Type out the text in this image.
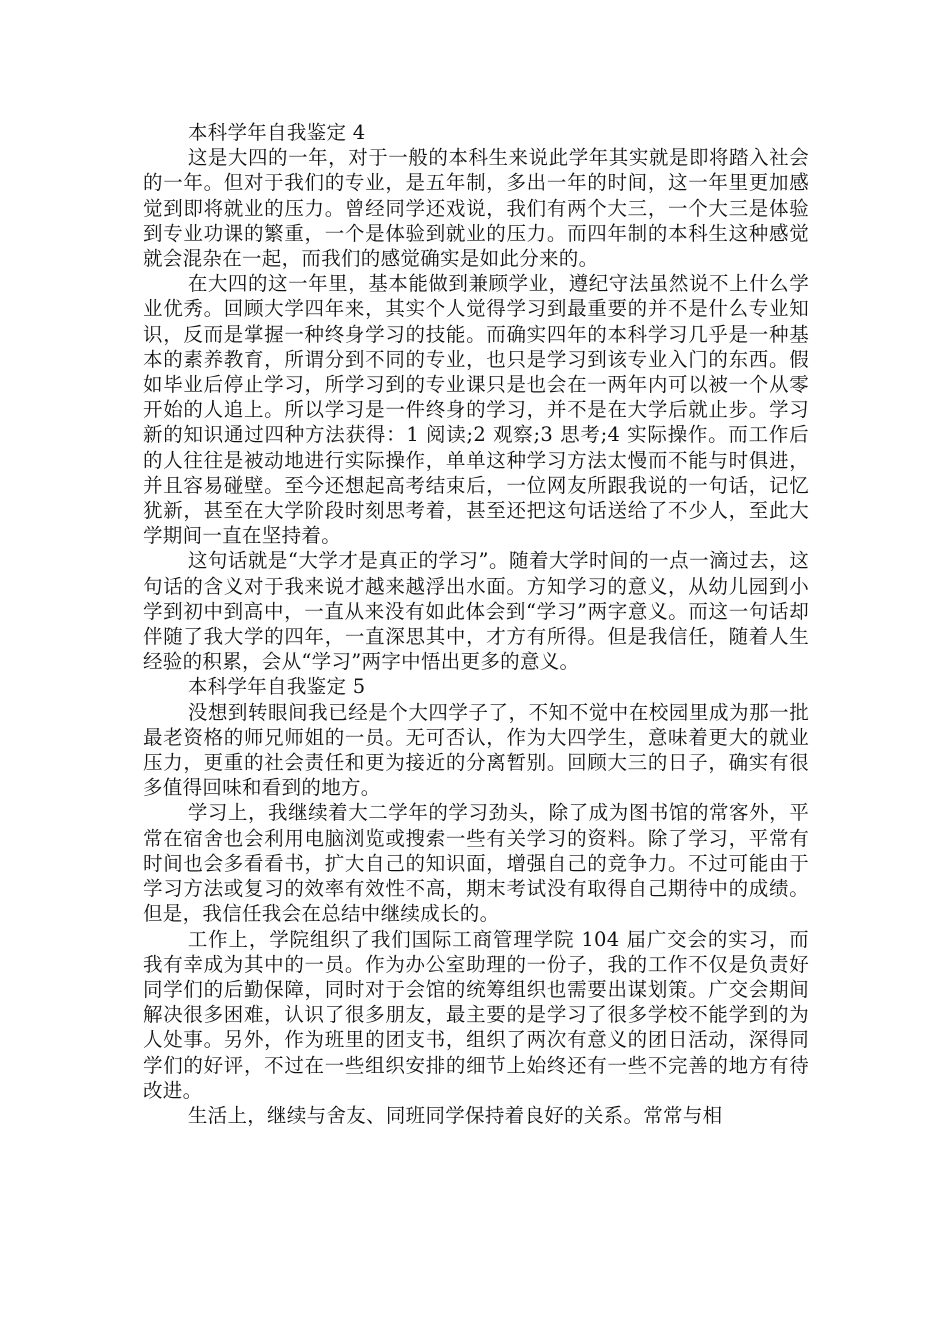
本科学年自我鉴定 4

这是大四的一年，对于一般的本科生来说此学年其实就是即将踏入社会的一年。但对于我们的专业，是五年制，多出一年的时间，这一年里更加感觉到即将就业的压力。曾经同学还戏说，我们有两个大三，一个大三是体验到专业功课的繁重，一个是体验到就业的压力。而四年制的本科生这种感觉就会混杂在一起，而我们的感觉确实是如此分来的。

在大四的这一年里，基本能做到兼顾学业，遵纪守法虽然说不上什么学业优秀。回顾大学四年来，其实个人觉得学习到最重要的并不是什么专业知识，反而是掌握一种终身学习的技能。而确实四年的本科学习几乎是一种基本的素养教育，所谓分到不同的专业，也只是学习到该专业入门的东西。假如毕业后停止学习，所学习到的专业课只是也会在一两年内可以被一个从零开始的人追上。所以学习是一件终身的学习，并不是在大学后就止步。学习新的知识通过四种方法获得：1 阅读;2 观察;3 思考;4 实际操作。而工作后的人往往是被动地进行实际操作，单单这种学习方法太慢而不能与时俱进，并且容易碰壁。至今还想起高考结束后，一位网友所跟我说的一句话，记忆犹新，甚至在大学阶段时刻思考着，甚至还把这句话送给了不少人，至此大学期间一直在坚持着。

这句话就是“大学才是真正的学习”。随着大学时间的一点一滴过去，这句话的含义对于我来说才越来越浮出水面。方知学习的意义，从幼儿园到小学到初中到高中，一直从来没有如此体会到“学习”两字意义。而这一句话却伴随了我大学的四年，一直深思其中，才方有所得。但是我信任，随着人生经验的积累，会从“学习”两字中悟出更多的意义。

本科学年自我鉴定 5

没想到转眼间我已经是个大四学子了，不知不觉中在校园里成为那一批最老资格的师兄师姐的一员。无可否认，作为大四学生，意味着更大的就业压力，更重的社会责任和更为接近的分离暂别。回顾大三的日子，确实有很多值得回味和看到的地方。

学习上，我继续着大二学年的学习劲头，除了成为图书馆的常客外，平常在宿舍也会利用电脑浏览或搜索一些有关学习的资料。除了学习，平常有时间也会多看看书，扩大自己的知识面，增强自己的竞争力。不过可能由于学习方法或复习的效率有效性不高，期末考试没有取得自己期待中的成绩。但是，我信任我会在总结中继续成长的。

工作上，学院组织了我们国际工商管理学院 104 届广交会的实习，而我有幸成为其中的一员。作为办公室助理的一份子，我的工作不仅是负责好同学们的后勤保障，同时对于会馆的统筹组织也需要出谋划策。广交会期间解决很多困难，认识了很多朋友，最主要的是学习了很多学校不能学到的为人处事。另外，作为班里的团支书，组织了两次有意义的团日活动，深得同学们的好评，不过在一些组织安排的细节上始终还有一些不完善的地方有待改进。

生活上，继续与舍友、同班同学保持着良好的关系。常常与相
